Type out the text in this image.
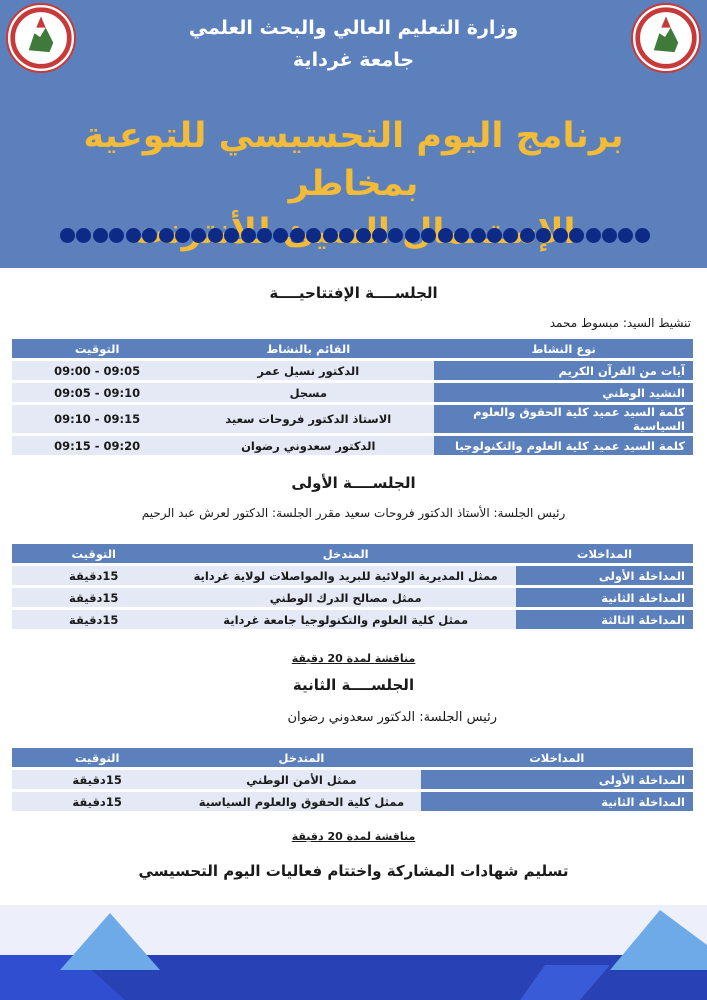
وزارة التعليم العالي والبحث العلمي
جامعة غرداية
برنامج اليوم التحسيسي للتوعية بمخاطر
الجلســــة الإفتتاحيــــة
تنشيط السيد: مبسوط محمد
نوع النشاط	القائم بالنشاط	التوقيت
آيات من القرآن الكريم	الدكتور نسيل عمر	09:05 - 09:00
النشيد الوطني	مسجل	09:10 - 09:05
كلمة السيد عميد كلية الحقوق والعلوم السياسية	الاستاذ الدكتور فروحات سعيد	09:15 - 09:10
كلمة السيد عميد كلية العلوم والتكنولوجيا	الدكتور سعدوني رضوان	09:20 - 09:15
الجلســــة الأولى
رئيس الجلسة: الأستاذ الدكتور فروحات سعيد مقرر الجلسة: الدكتور لعرش عبد الرحيم
المداخلات	المتدخل	التوقيت
المداخلة الأولى	ممثل المديرية الولائية للبريد والمواصلات لولاية غرداية	15دقيقة
المداخلة الثانية	ممثل مصالح الدرك الوطني	15دقيقة
المداخلة الثالثة	ممثل كلية العلوم والتكنولوجيا جامعة غرداية	15دقيقة
مناقشة لمدة 20 دقيقة
الجلســــة الثانية
رئيس الجلسة: الدكتور سعدوني رضوان
المداخلات	المتدخل	التوقيت
المداخلة الأولى	ممثل الأمن الوطني	15دقيقة
المداخلة الثانية	ممثل كلية الحقوق والعلوم السياسية	15دقيقة
مناقشة لمدة 20 دقيقة
تسليم شهادات المشاركة واختتام فعاليات اليوم التحسيسي
